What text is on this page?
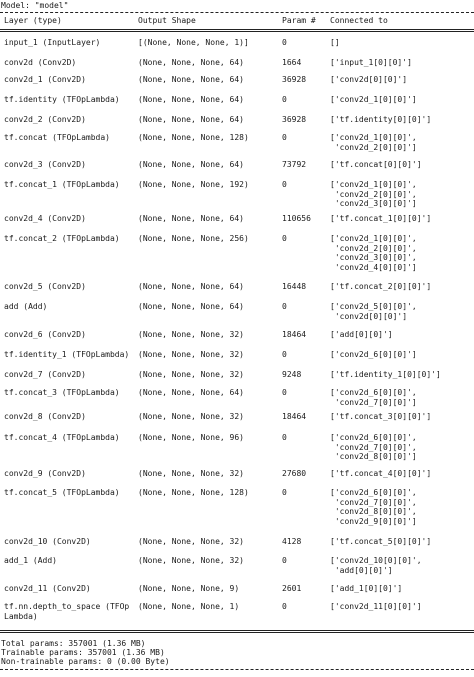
Model: "model"
Layer (type)	Output Shape	Param #	Connected to
input_1 (InputLayer)	[(None, None, None, 1)]	0	[]
conv2d (Conv2D)	(None, None, None, 64)	1664	['input_1[0][0]']
conv2d_1 (Conv2D)	(None, None, None, 64)	36928	['conv2d[0][0]']
tf.identity (TFOpLambda)	(None, None, None, 64)	0	['conv2d_1[0][0]']
conv2d_2 (Conv2D)	(None, None, None, 64)	36928	['tf.identity[0][0]']
tf.concat (TFOpLambda)	(None, None, None, 128)	0	['conv2d_1[0][0]',
'conv2d_2[0][0]']
conv2d_3 (Conv2D)	(None, None, None, 64)	73792	['tf.concat[0][0]']
tf.concat_1 (TFOpLambda)	(None, None, None, 192)	0	['conv2d_1[0][0]',
'conv2d_2[0][0]',
'conv2d_3[0][0]']
conv2d_4 (Conv2D)	(None, None, None, 64)	110656	['tf.concat_1[0][0]']
tf.concat_2 (TFOpLambda)	(None, None, None, 256)	0	['conv2d_1[0][0]',
'conv2d_2[0][0]',
'conv2d_3[0][0]',
'conv2d_4[0][0]']
conv2d_5 (Conv2D)	(None, None, None, 64)	16448	['tf.concat_2[0][0]']
add (Add)	(None, None, None, 64)	0	['conv2d_5[0][0]',
'conv2d[0][0]']
conv2d_6 (Conv2D)	(None, None, None, 32)	18464	['add[0][0]']
tf.identity_1 (TFOpLambda)	(None, None, None, 32)	0	['conv2d_6[0][0]']
conv2d_7 (Conv2D)	(None, None, None, 32)	9248	['tf.identity_1[0][0]']
tf.concat_3 (TFOpLambda)	(None, None, None, 64)	0	['conv2d_6[0][0]',
'conv2d_7[0][0]']
conv2d_8 (Conv2D)	(None, None, None, 32)	18464	['tf.concat_3[0][0]']
tf.concat_4 (TFOpLambda)	(None, None, None, 96)	0	['conv2d_6[0][0]',
'conv2d_7[0][0]',
'conv2d_8[0][0]']
conv2d_9 (Conv2D)	(None, None, None, 32)	27680	['tf.concat_4[0][0]']
tf.concat_5 (TFOpLambda)	(None, None, None, 128)	0	['conv2d_6[0][0]',
'conv2d_7[0][0]',
'conv2d_8[0][0]',
'conv2d_9[0][0]']
conv2d_10 (Conv2D)	(None, None, None, 32)	4128	['tf.concat_5[0][0]']
add_1 (Add)	(None, None, None, 32)	0	['conv2d_10[0][0]',
'add[0][0]']
conv2d_11 (Conv2D)	(None, None, None, 9)	2601	['add_1[0][0]']
tf.nn.depth_to_space (TFOp
Lambda)
(None, None, None, 1)	0	['conv2d_11[0][0]']
Total params: 357001 (1.36 MB)
Trainable params: 357001 (1.36 MB)
Non-trainable params: 0 (0.00 Byte)
